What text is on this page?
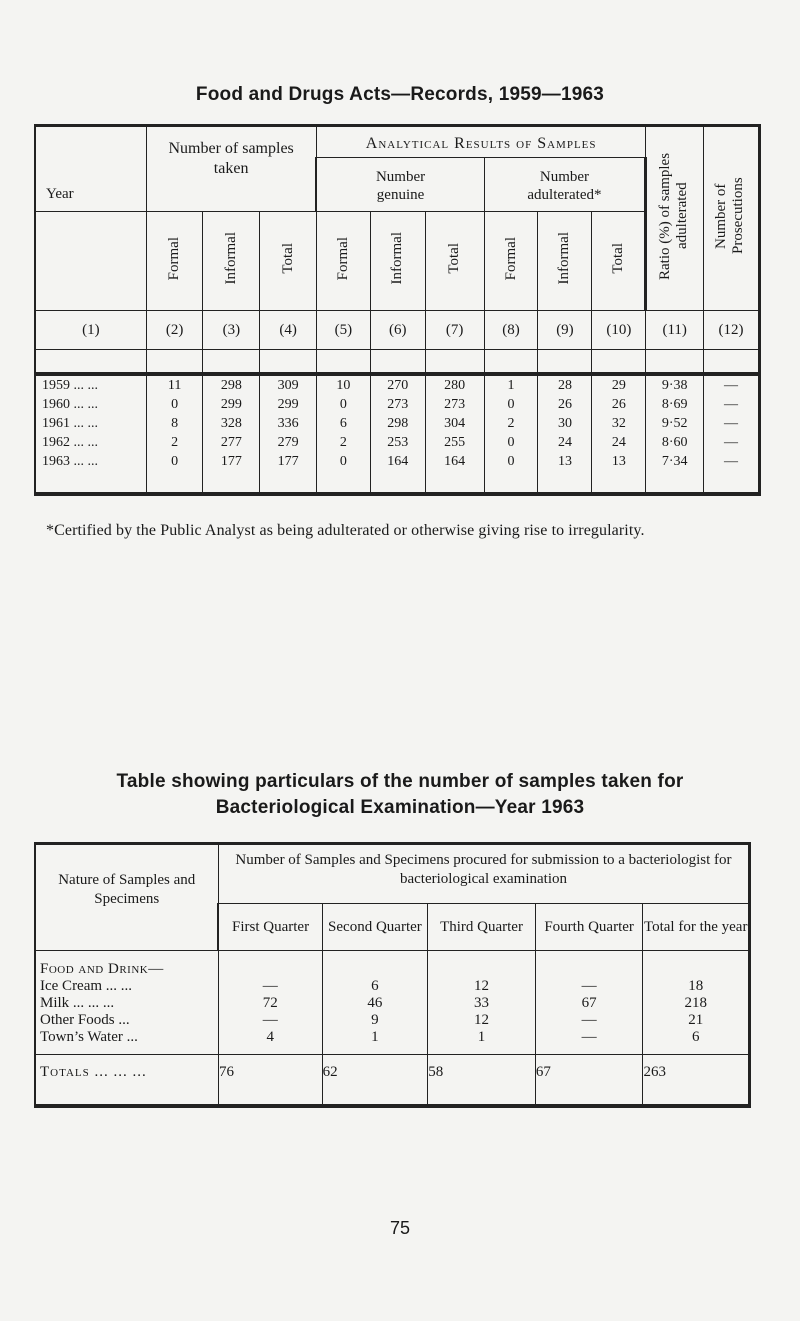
Food and Drugs Acts—Records, 1959—1963
Year	Number of samples taken			Analytical Results of Samples						Ratio (%) of samples adulterated	Number of Prosecutions
				Number genuine			Number adulterated*				
	Formal	Informal	Total	Formal	Informal	Total	Formal	Informal	Total		
(1)	(2)	(3)	(4)	(5)	(6)	(7)	(8)	(9)	(10)	(11)	(12)

1959 ... ...	11	298	309	10	270	280	1	28	29	9·38	—
1960 ... ...	0	299	299	0	273	273	0	26	26	8·69	—
1961 ... ...	8	328	336	6	298	304	2	30	32	9·52	—
1962 ... ...	2	277	279	2	253	255	0	24	24	8·60	—
1963 ... ...	0	177	177	0	164	164	0	13	13	7·34	—
*Certified by the Public Analyst as being adulterated or otherwise giving rise to irregularity.
Table showing particulars of the number of samples taken for
Bacteriological Examination—Year 1963
Nature of Samples and Specimens	Number of Samples and Specimens procured for submission to a bacteriologist for bacteriological examination				
	First Quarter	Second Quarter	Third Quarter	Fourth Quarter	Total for the year
Food and Drink—					
Ice Cream ... ...	—	6	12	—	18
Milk ... ... ...	72	46	33	67	218
Other Foods ...	—	9	12	—	21
Town’s Water ...	4	1	1	—	6

Totals ... ... ...	76	62	58	67	263
75
